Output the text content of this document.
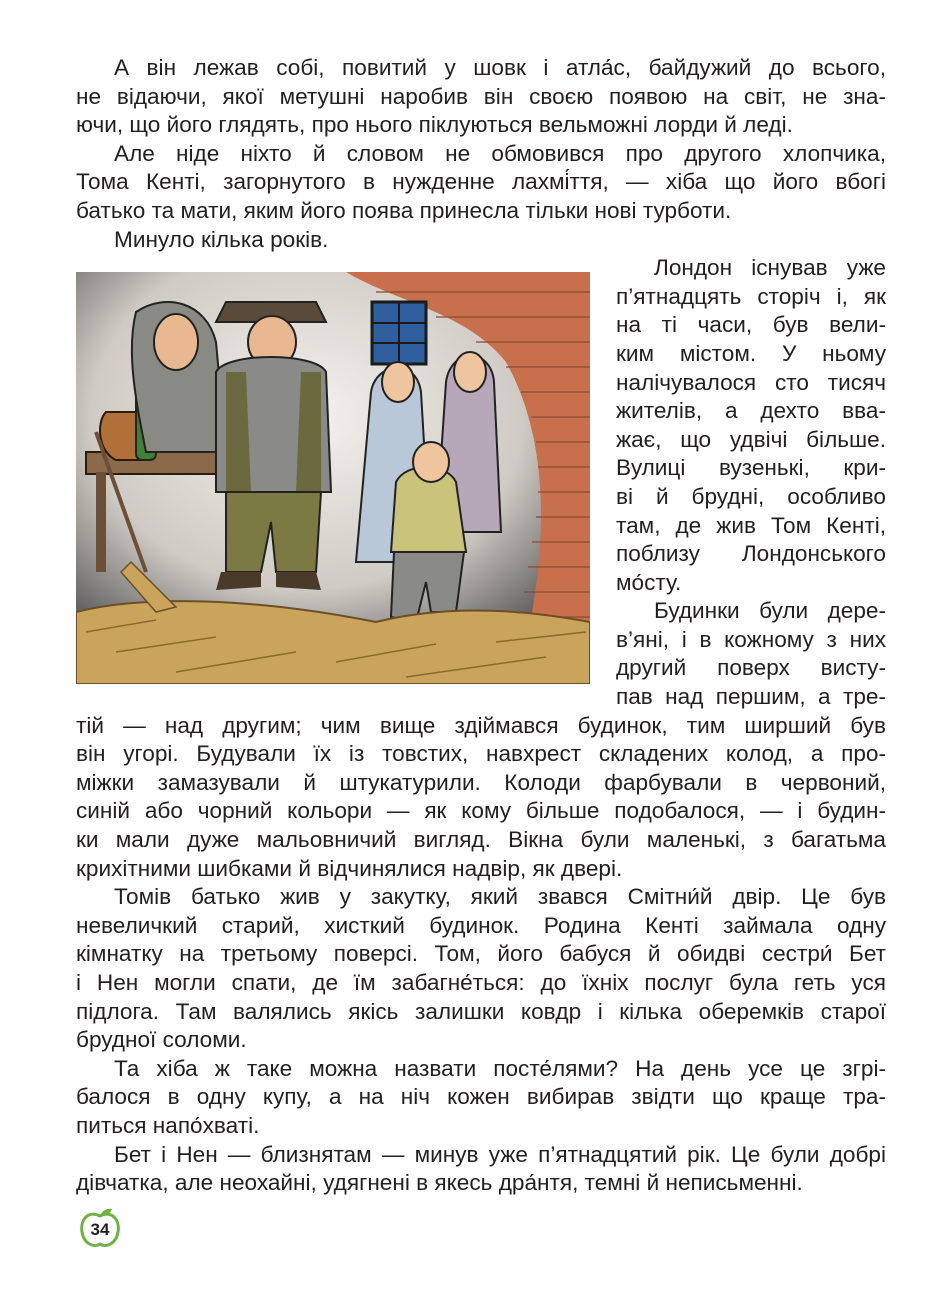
А він лежав собі, повитий у шовк і атла́с, байдужий до всього,
не відаючи, якої метушні наробив він своєю появою на світ, не зна-
ючи, що його глядять, про нього піклуються вельможні лорди й леді.
Але ніде ніхто й словом не обмовився про другого хлопчика,
Тома Кенті, загорнутого в нужденне лахмі́ття, — хіба що його вбогі
батько та мати, яким його поява принесла тільки нові турботи.
Минуло кілька років.
Лондон існував уже
п’ятнадцять сторіч і, як
на ті часи, був вели-
ким містом. У ньому
налічувалося сто тисяч
жителів, а дехто вва-
жає, що удвічі більше.
Вулиці вузенькі, кри-
ві й брудні, особливо
там, де жив Том Кенті,
поблизу Лондонського
мо́сту.
Будинки були дере-
в’яні, і в кожному з них
другий поверх висту-
пав над першим, а тре-
тій — над другим; чим вище здіймався будинок, тим ширший був
він угорі. Будували їх із товстих, навхрест складених колод, а про-
міжки замазували й штукатурили. Колоди фарбували в червоний,
синій або чорний кольори — як кому більше подобалося, — і будин-
ки мали дуже мальовничий вигляд. Вікна були маленькі, з багатьма
крихітними шибками й відчинялися надвір, як двері.
Томів батько жив у закутку, який звався Смітни́й двір. Це був
невеличкий старий, хисткий будинок. Родина Кенті займала одну
кімнатку на третьому поверсі. Том, його бабуся й обидві сестри́ Бет
і Нен могли спати, де їм забагне́ться: до їхніх послуг була геть уся
підлога. Там валялись якісь залишки ковдр і кілька оберемків старої
брудної соломи.
Та хіба ж таке можна назвати посте́лями? На день усе це згрі-
балося в одну купу, а на ніч кожен вибирав звідти що краще тра-
питься напо́хваті.
Бет і Нен — близнятам — минув уже п’ятнадцятий рік. Це були добрі
дівчатка, але неохайні, удягнені в якесь дра́нтя, темні й неписьменні.
34
